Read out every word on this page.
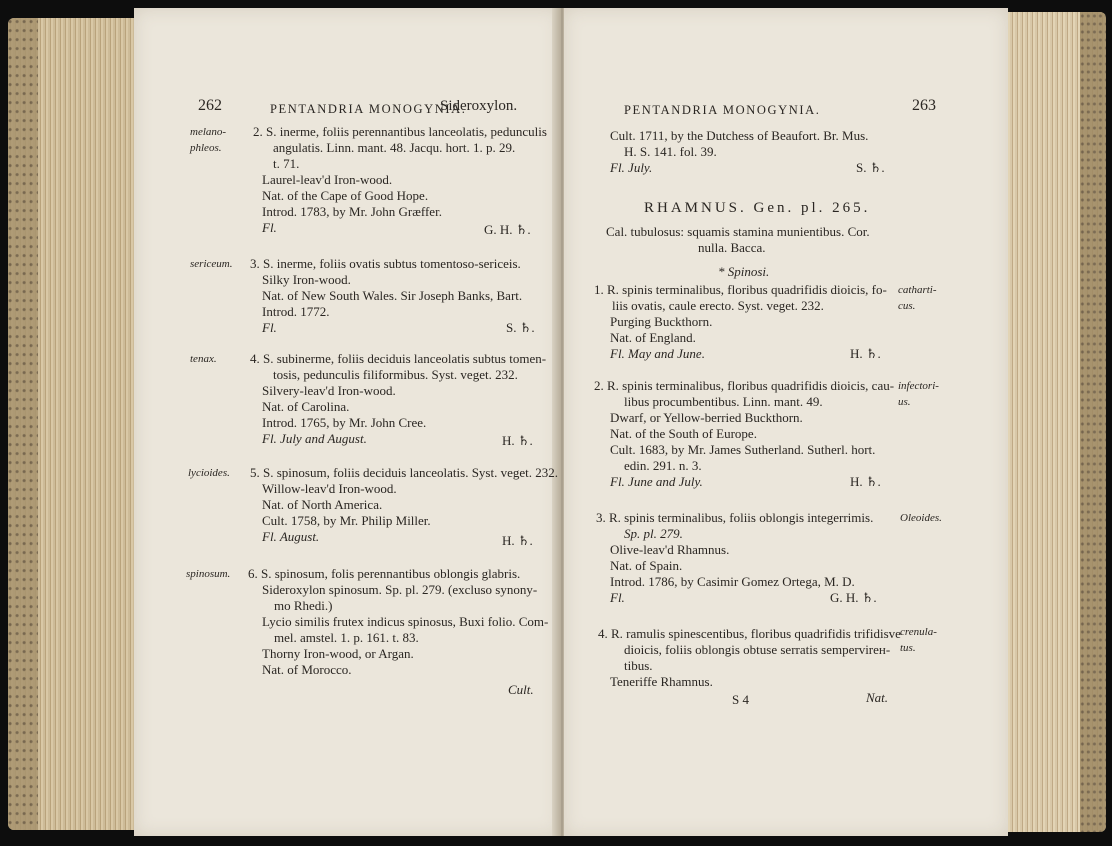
262	PENTANDRIA MONOGYNIA.
Sideroxylon.
melano-
phleos.
2. S. inerme, foliis perennantibus lanceolatis, pedunculis
angulatis. Linn. mant. 48. Jacqu. hort. 1. p. 29.
t. 71.
Laurel-leav'd Iron-wood.
Nat. of the Cape of Good Hope.
Introd. 1783, by Mr. John Græffer.
Fl.	G. H. ♄.
sericeum. 3. S. inerme, foliis ovatis subtus tomentoso-sericeis.
Silky Iron-wood.
Nat. of New South Wales. Sir Joseph Banks, Bart.
Introd. 1772.
Fl.	S. ♄.
tenax.	4. S. subinerme, foliis deciduis lanceolatis subtus tomen-
tosis, pedunculis filiformibus. Syst. veget. 232.
Silvery-leav'd Iron-wood.
Nat. of Carolina.
Introd. 1765, by Mr. John Cree.
Fl. July and August.	H. ♄.
lycioides. 5. S. spinosum, foliis deciduis lanceolatis. Syst. veget. 232.
Willow-leav'd Iron-wood.
Nat. of North America.
Cult. 1758, by Mr. Philip Miller.
Fl. August.	H. ♄.
spinosum. 6. S. spinosum, folis perennantibus oblongis glabris.
Sideroxylon spinosum. Sp. pl. 279. (excluso synony-
mo Rhedi.)
Lycio similis frutex indicus spinosus, Buxi folio. Com-
mel. amstel. 1. p. 161. t. 83.
Thorny Iron-wood, or Argan.
Nat. of Morocco.
Cult.
PENTANDRIA MONOGYNIA.	263
Cult. 1711, by the Dutchess of Beaufort. Br. Mus.
H. S. 141. fol. 39.
Fl. July.	S. ♄.
RHAMNUS. Gen. pl. 265.
Cal. tubulosus: squamis stamina munientibus. Cor.
nulla. Bacca.
* Spinosi.
1. R. spinis terminalibus, floribus quadrifidis dioicis, fo-
liis ovatis, caule erecto. Syst. veget. 232.
Purging Buckthorn.
Nat. of England.
Fl. May and June.	H. ♄.
catharti-
cus.
2. R. spinis terminalibus, floribus quadrifidis dioicis, cau-
libus procumbentibus. Linn. mant. 49.
Dwarf, or Yellow-berried Buckthorn.
Nat. of the South of Europe.
Cult. 1683, by Mr. James Sutherland. Sutherl. hort.
edin. 291. n. 3.
Fl. June and July.	H. ♄.
infectori-
us.
3. R. spinis terminalibus, foliis oblongis integerrimis.
Sp. pl. 279.
Olive-leav'd Rhamnus.
Nat. of Spain.
Introd. 1786, by Casimir Gomez Ortega, M. D.
Fl.	G. H. ♄.
Oleoides.
4. R. ramulis spinescentibus, floribus quadrifidis trifidisve
dioicis, foliis oblongis obtuse serratis sempervirен-
tibus.
Teneriffe Rhamnus.
crenula-
tus.
S 4	Nat.
